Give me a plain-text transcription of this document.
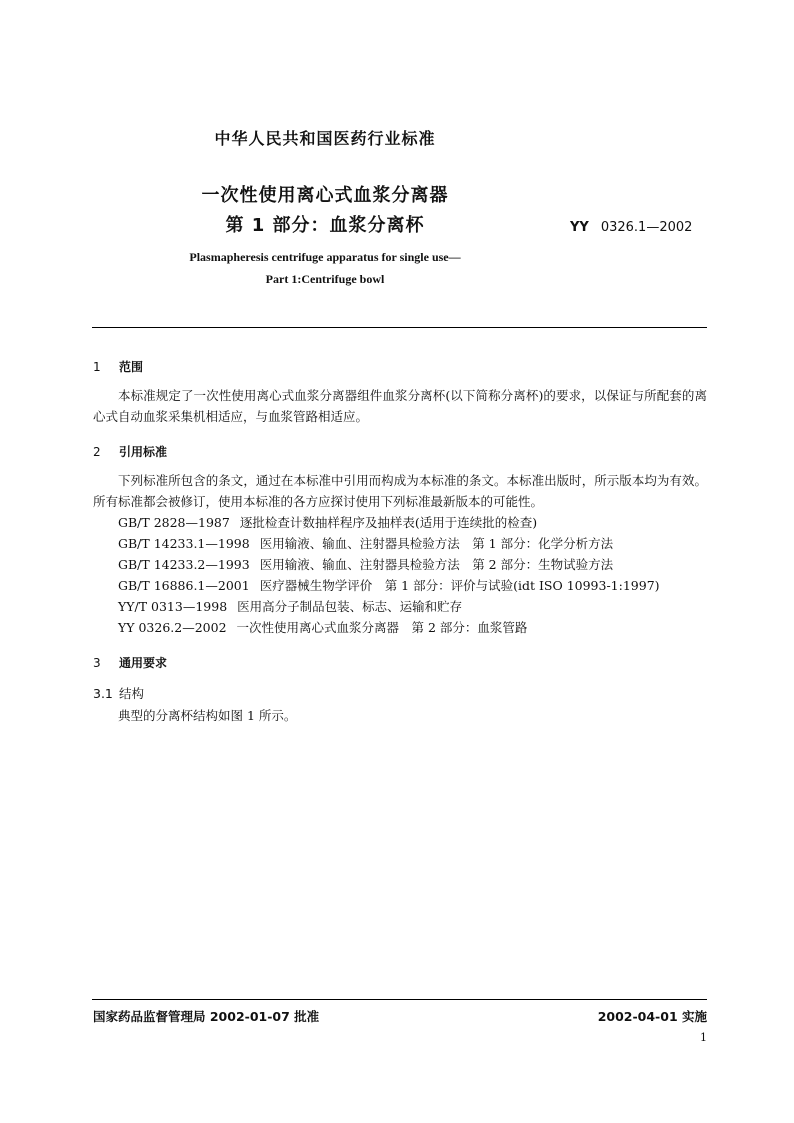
中华人民共和国医药行业标准
一次性使用离心式血浆分离器
第 1 部分：血浆分离杯	YY 0326.1—2002
Plasmapheresis centrifuge apparatus for single use—
Part 1:Centrifuge bowl
1 范围
本标准规定了一次性使用离心式血浆分离器组件血浆分离杯(以下简称分离杯)的要求，以保证与所配套的离心式自动血浆采集机相适应，与血浆管路相适应。
2 引用标准
下列标准所包含的条文，通过在本标准中引用而构成为本标准的条文。本标准出版时，所示版本均为有效。所有标准都会被修订，使用本标准的各方应探讨使用下列标准最新版本的可能性。
GB/T 2828—1987 逐批检查计数抽样程序及抽样表(适用于连续批的检查)
GB/T 14233.1—1998 医用输液、输血、注射器具检验方法　第 1 部分：化学分析方法
GB/T 14233.2—1993 医用输液、输血、注射器具检验方法　第 2 部分：生物试验方法
GB/T 16886.1—2001 医疗器械生物学评价　第 1 部分：评价与试验(idt ISO 10993-1:1997)
YY/T 0313—1998 医用高分子制品包装、标志、运输和贮存
YY 0326.2—2002 一次性使用离心式血浆分离器　第 2 部分：血浆管路
3 通用要求
3.1 结构
典型的分离杯结构如图 1 所示。
国家药品监督管理局 2002-01-07 批准	2002-04-01 实施
1
